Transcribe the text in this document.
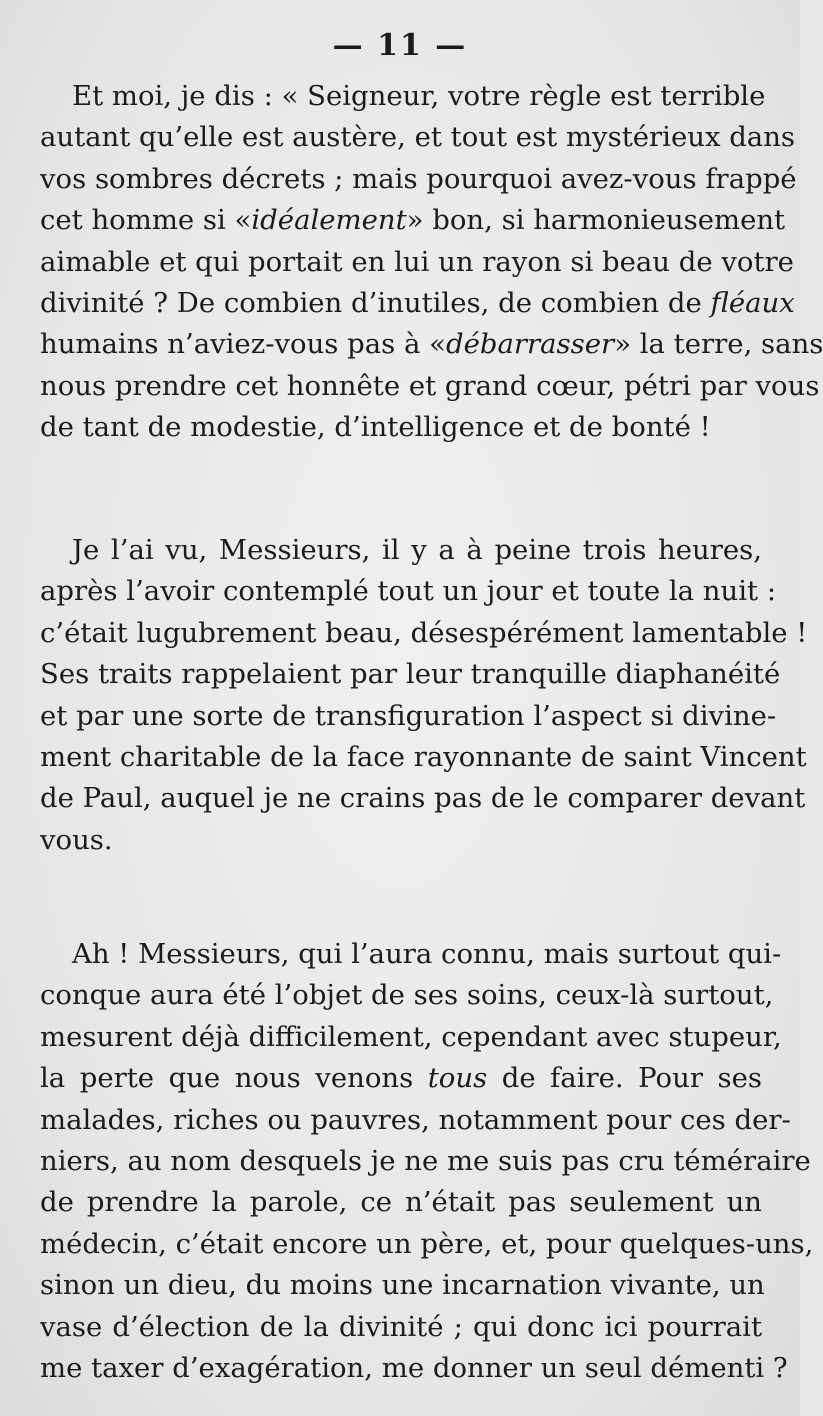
— 11 —
Et moi, je dis : « Seigneur, votre règle est terrible
autant qu’elle est austère, et tout est mystérieux dans
vos sombres décrets ; mais pourquoi avez-vous frappé
cet homme si «idéalement» bon, si harmonieusement
aimable et qui portait en lui un rayon si beau de votre
divinité ? De combien d’inutiles, de combien de fléaux
humains n’aviez-vous pas à «débarrasser» la terre, sans
nous prendre cet honnête et grand cœur, pétri par vous
de tant de modestie, d’intelligence et de bonté !
Je l’ai vu, Messieurs, il y a à peine trois heures,
après l’avoir contemplé tout un jour et toute la nuit :
c’était lugubrement beau, désespérément lamentable !
Ses traits rappelaient par leur tranquille diaphanéité
et par une sorte de transfiguration l’aspect si divine-
ment charitable de la face rayonnante de saint Vincent
de Paul, auquel je ne crains pas de le comparer devant
vous.
Ah ! Messieurs, qui l’aura connu, mais surtout qui-
conque aura été l’objet de ses soins, ceux-là surtout,
mesurent déjà difficilement, cependant avec stupeur,
la perte que nous venons tous de faire. Pour ses
malades, riches ou pauvres, notamment pour ces der-
niers, au nom desquels je ne me suis pas cru téméraire
de prendre la parole, ce n’était pas seulement un
médecin, c’était encore un père, et, pour quelques-uns,
sinon un dieu, du moins une incarnation vivante, un
vase d’élection de la divinité ; qui donc ici pourrait
me taxer d’exagération, me donner un seul démenti ?
